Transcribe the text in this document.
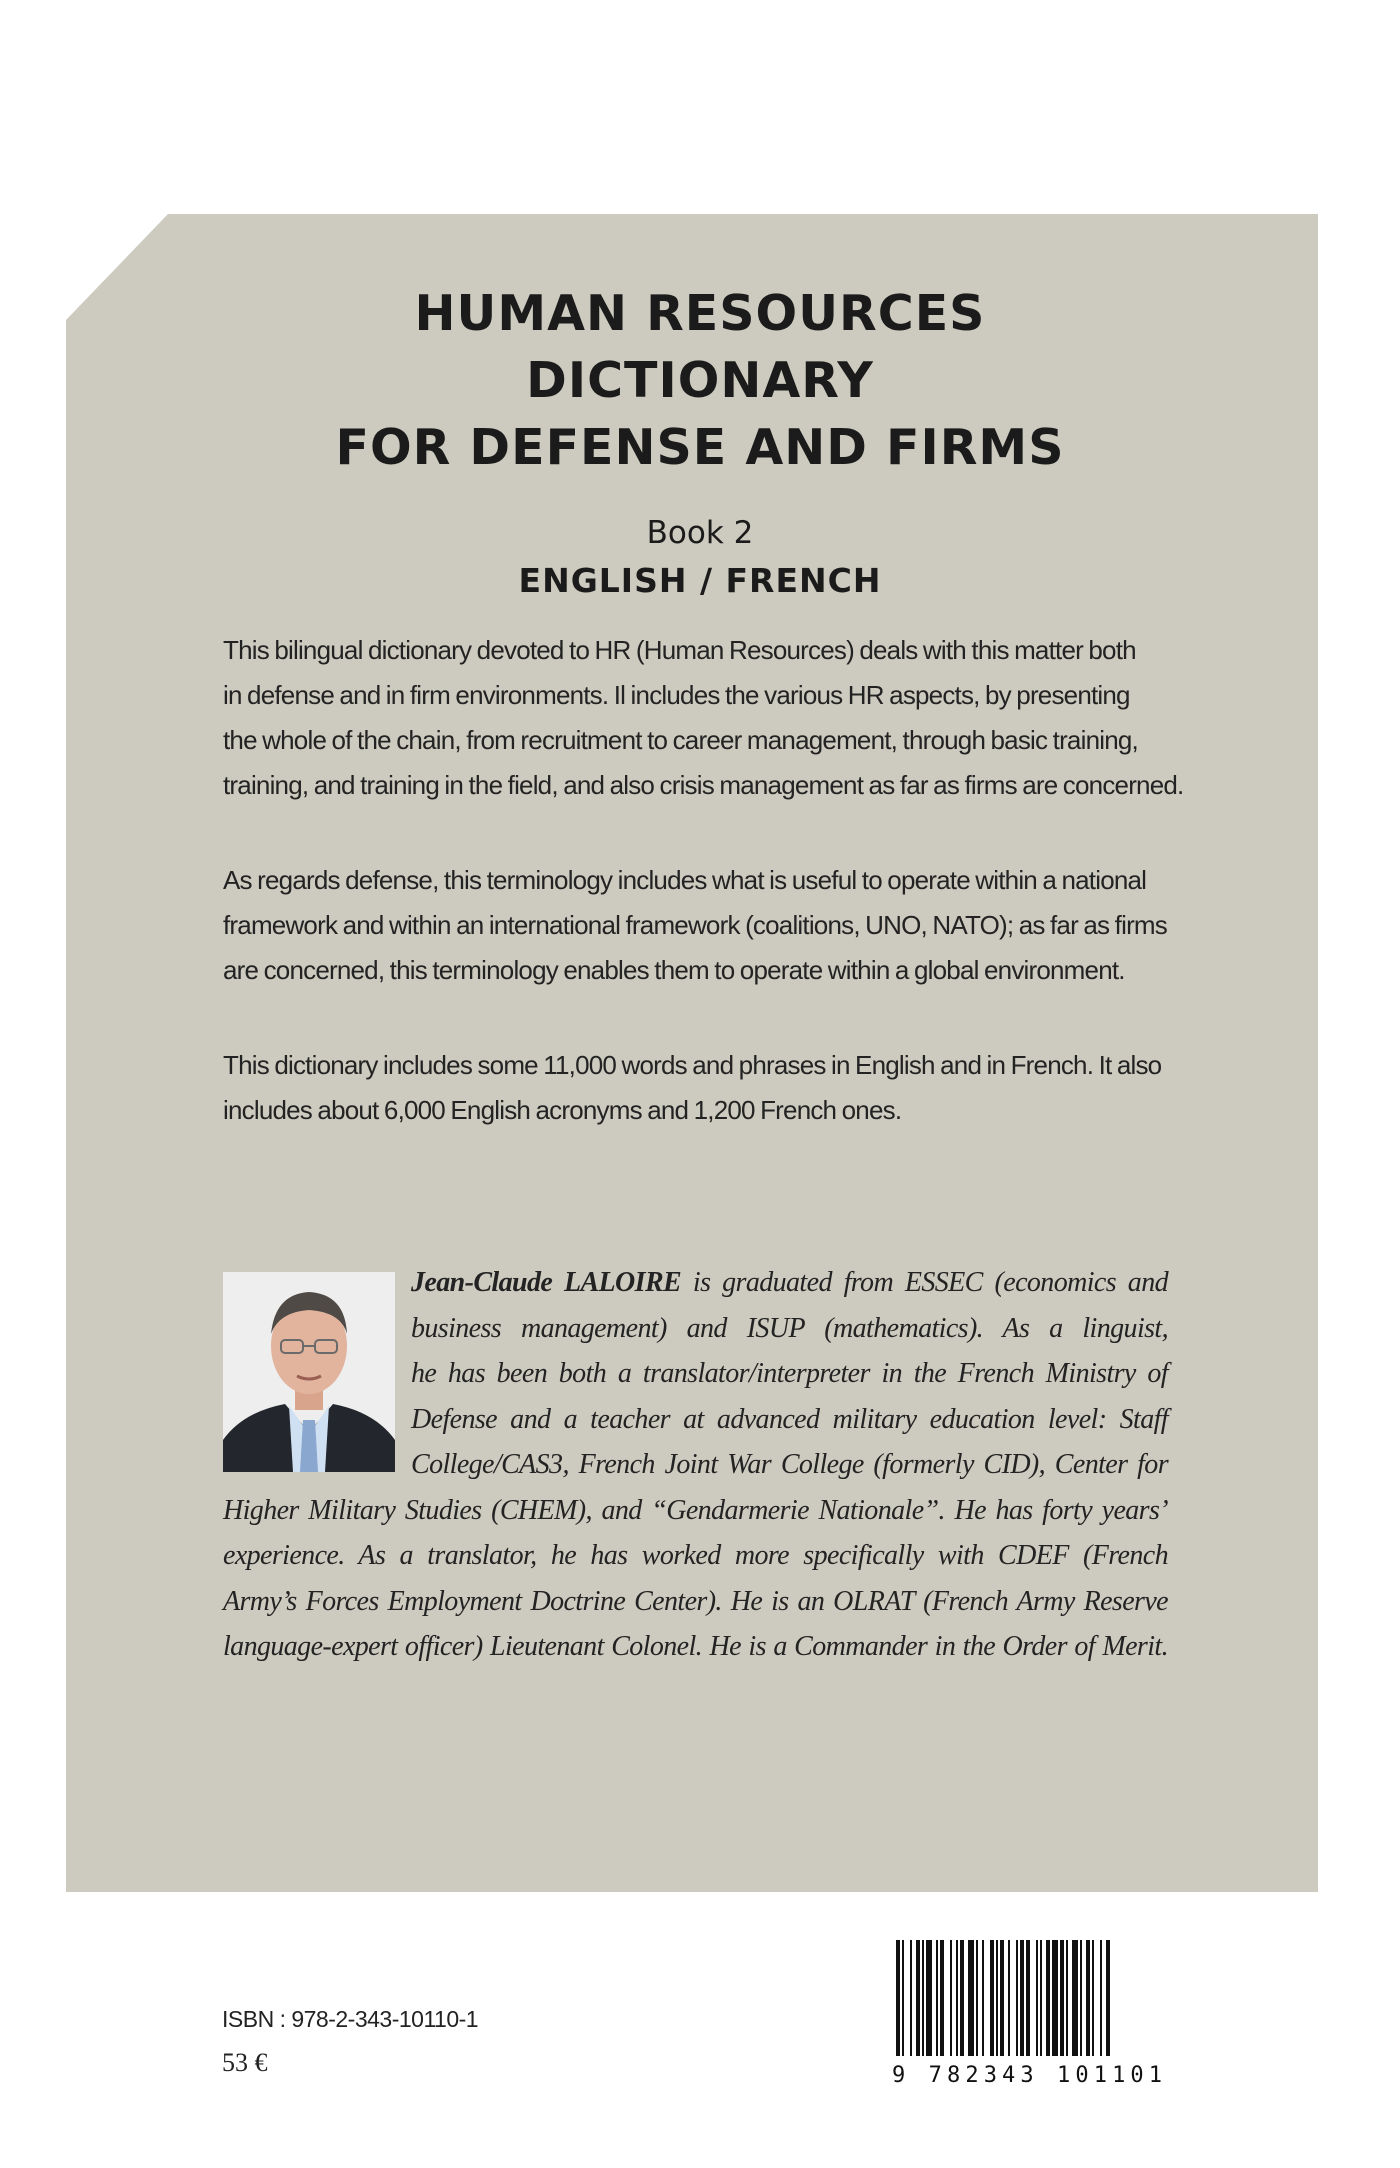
HUMAN RESOURCES
DICTIONARY
FOR DEFENSE AND FIRMS
Book 2
ENGLISH / FRENCH
This bilingual dictionary devoted to HR (Human Resources) deals with this matter both
in defense and in firm environments. Il includes the various HR aspects, by presenting
the whole of the chain, from recruitment to career management, through basic training,
training, and training in the field, and also crisis management as far as firms are concerned.
As regards defense, this terminology includes what is useful to operate within a national
framework and within an international framework (coalitions, UNO, NATO); as far as firms
are concerned, this terminology enables them to operate within a global environment.
This dictionary includes some 11,000 words and phrases in English and in French. It also
includes about 6,000 English acronyms and 1,200 French ones.
Jean-Claude LALOIRE is graduated from ESSEC (economics and
business management) and ISUP (mathematics). As a linguist,
he has been both a translator/interpreter in the French Ministry of
Defense and a teacher at advanced military education level: Staff
College/CAS3, French Joint War College (formerly CID), Center for
Higher Military Studies (CHEM), and “Gendarmerie Nationale”. He has forty years’
experience. As a translator, he has worked more specifically with CDEF (French
Army’s Forces Employment Doctrine Center). He is an OLRAT (French Army Reserve
language-expert officer) Lieutenant Colonel. He is a Commander in the Order of Merit.
ISBN : 978-2-343-10110-1
53 €	9 782343 101101
